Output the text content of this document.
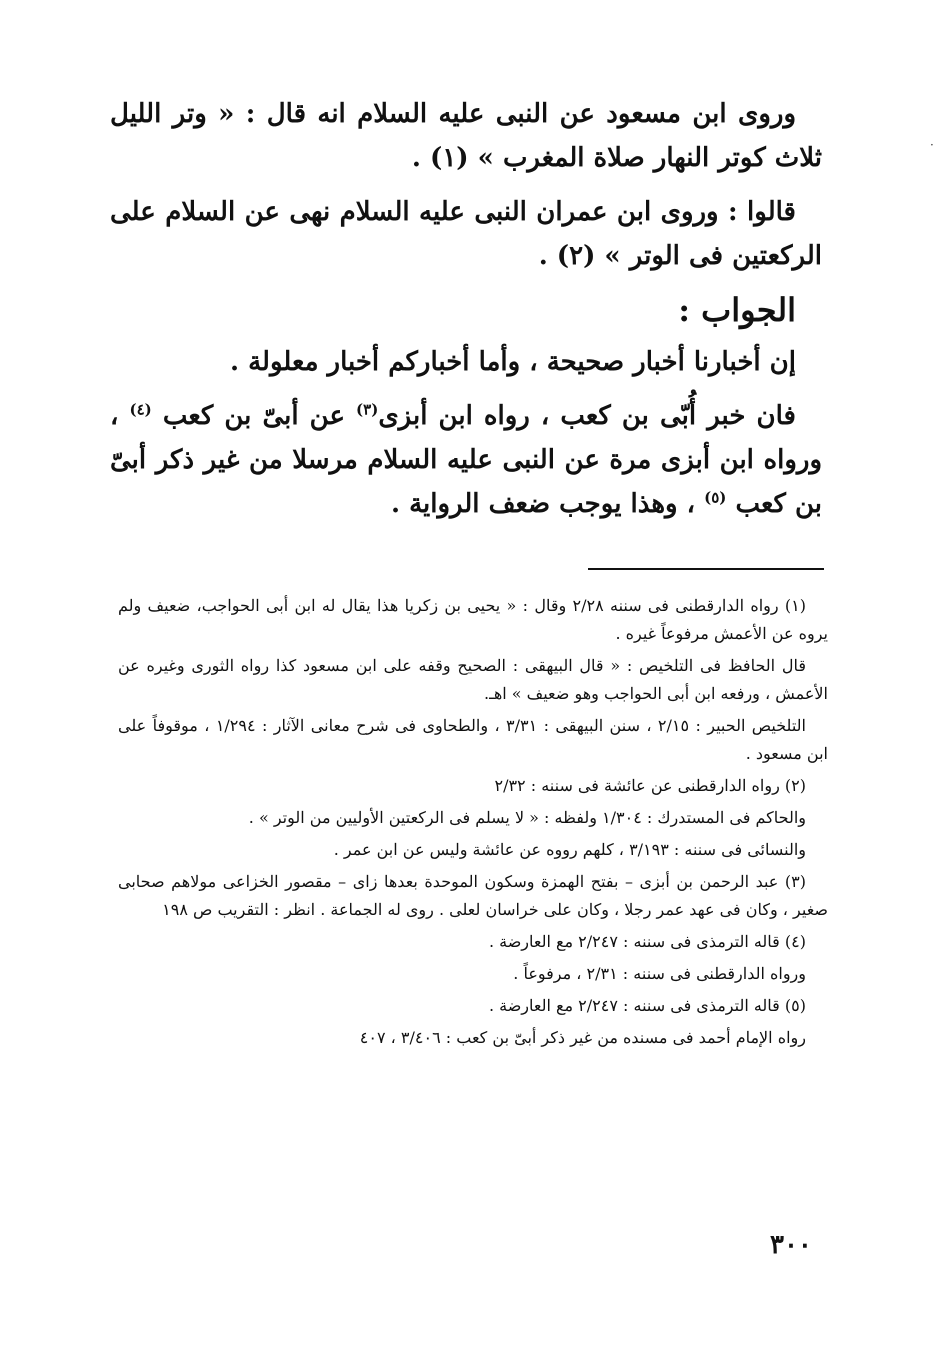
وروى ابن مسعود عن النبى عليه السلام انه قال : « وتر الليل ثلاث كوتر النهار صلاة المغرب » (١) .

قالوا : وروى ابن عمران النبى عليه السلام نهى عن السلام على الركعتين فى الوتر » (٢) .

الجواب :

إن أخبارنا أخبار صحيحة ، وأما أخباركم أخبار معلولة .

فان خبر أُبّى بن كعب ، رواه ابن أبزى$^{(٣)}$ عن أبىّ بن كعب $^{(٤)}$ ، ورواه ابن أبزى مرة عن النبى عليه السلام مرسلا من غير ذكر أبىّ بن كعب $^{(٥)}$ ، وهذا يوجب ضعف الرواية .

(١) رواه الدارقطنى فى سننه ٢/٢٨ وقال : « يحيى بن زكريا هذا يقال له ابن أبى الحواجب، ضعيف ولم يروه عن الأعمش مرفوعاً غيره .

قال الحافظ فى التلخيص : « قال البيهقى : الصحيح وقفه على ابن مسعود كذا رواه الثورى وغيره عن الأعمش ، ورفعه ابن أبى الحواجب وهو ضعيف » اهـ.

التلخيص الحبير : ٢/١٥ ، سنن البيهقى : ٣/٣١ ، والطحاوى فى شرح معانى الآثار : ١/٢٩٤ ، موقوفاً على ابن مسعود .

(٢) رواه الدارقطنى عن عائشة فى سننه : ٢/٣٢

والحاكم فى المستدرك : ١/٣٠٤ ولفظه : « لا يسلم فى الركعتين الأوليين من الوتر » .

والنسائى فى سننه : ٣/١٩٣ ، كلهم رووه عن عائشة وليس عن ابن عمر .

(٣) عبد الرحمن بن أبزى – بفتح الهمزة وسكون الموحدة بعدها زاى – مقصور الخزاعى مولاهم صحابى صغير ، وكان فى عهد عمر رجلا ، وكان على خراسان لعلى . روى له الجماعة . انظر : التقريب ص ١٩٨

(٤) قاله الترمذى فى سننه : ٢/٢٤٧ مع العارضة .

ورواه الدارقطنى فى سننه : ٢/٣١ ، مرفوعاً .

(٥) قاله الترمذى فى سننه : ٢/٢٤٧ مع العارضة .

رواه الإمام أحمد فى مسنده من غير ذكر أبىّ بن كعب : ٣/٤٠٦ ، ٤٠٧

٣٠٠
·
